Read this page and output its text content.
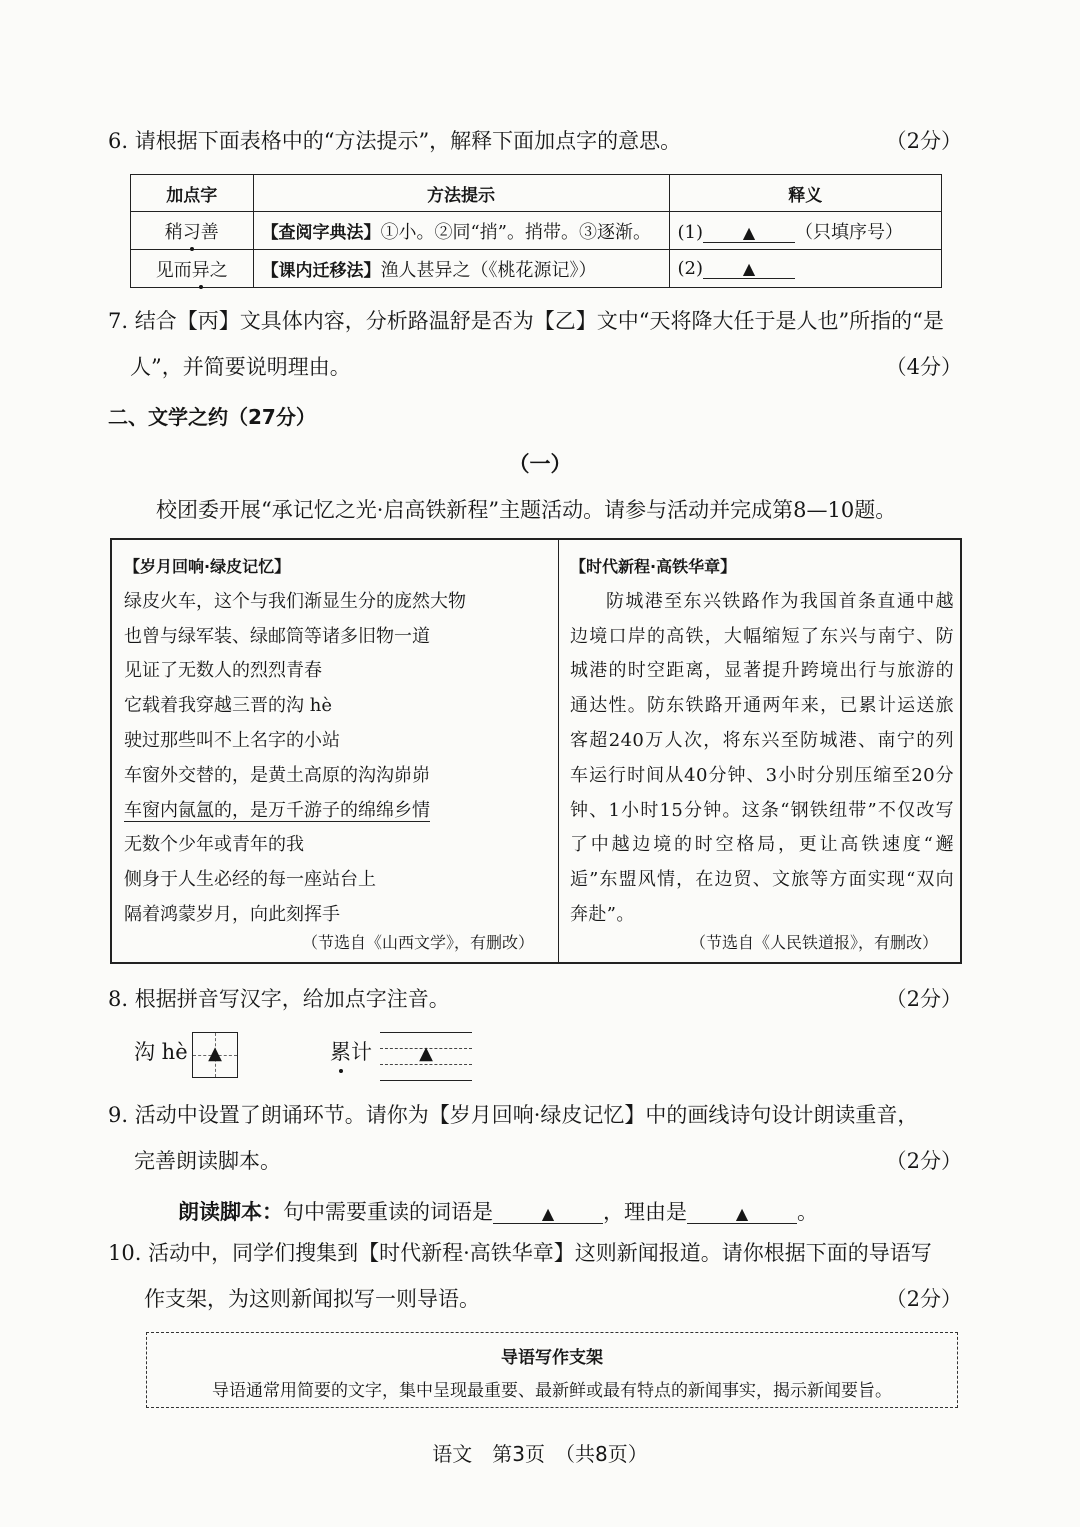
6. 请根据下面表格中的“方法提示”，解释下面加点字的意思。	（2分）
加点字	方法提示	释义
稍习善	【查阅字典法】①小。②同“捎”。捎带。③逐渐。	(1) ▲ （只填序号）
见而异之	【课内迁移法】渔人甚异之（《桃花源记》）	(2) ▲
7. 结合【丙】文具体内容，分析路温舒是否为【乙】文中“天将降大任于是人也”所指的“是
人”，并简要说明理由。	（4分）
二、文学之约（27分）
（一）
校团委开展“承记忆之光·启高铁新程”主题活动。请参与活动并完成第8—10题。
【岁月回响·绿皮记忆】
绿皮火车，这个与我们渐显生分的庞然大物
也曾与绿军装、绿邮筒等诸多旧物一道
见证了无数人的烈烈青春
它载着我穿越三晋的沟 hè
驶过那些叫不上名字的小站
车窗外交替的，是黄土高原的沟沟峁峁
车窗内氤氲的，是万千游子的绵绵乡情
无数个少年或青年的我
侧身于人生必经的每一座站台上
隔着鸿蒙岁月，向此刻挥手
（节选自《山西文学》，有删改）
【时代新程·高铁华章】
防城港至东兴铁路作为我国首条直通中越边境口岸的高铁，大幅缩短了东兴与南宁、防城港的时空距离，显著提升跨境出行与旅游的通达性。防东铁路开通两年来，已累计运送旅客超240万人次，将东兴至防城港、南宁的列车运行时间从40分钟、3小时分别压缩至20分钟、1小时15分钟。这条“钢铁纽带”不仅改写了中越边境的时空格局，更让高铁速度“邂逅”东盟风情，在边贸、文旅等方面实现“双向奔赴”。
（节选自《人民铁道报》，有删改）
8. 根据拼音写汉字，给加点字注音。	（2分）
沟 hè	▲	累计	▲
9. 活动中设置了朗诵环节。请你为【岁月回响·绿皮记忆】中的画线诗句设计朗读重音，
完善朗读脚本。	（2分）
朗读脚本：句中需要重读的词语是	▲ ，理由是	▲ 。
10. 活动中，同学们搜集到【时代新程·高铁华章】这则新闻报道。请你根据下面的导语写
作支架，为这则新闻拟写一则导语。	（2分）
导语写作支架
导语通常用简要的文字，集中呈现最重要、最新鲜或最有特点的新闻事实，揭示新闻要旨。
语文　第3页　（共8页）
